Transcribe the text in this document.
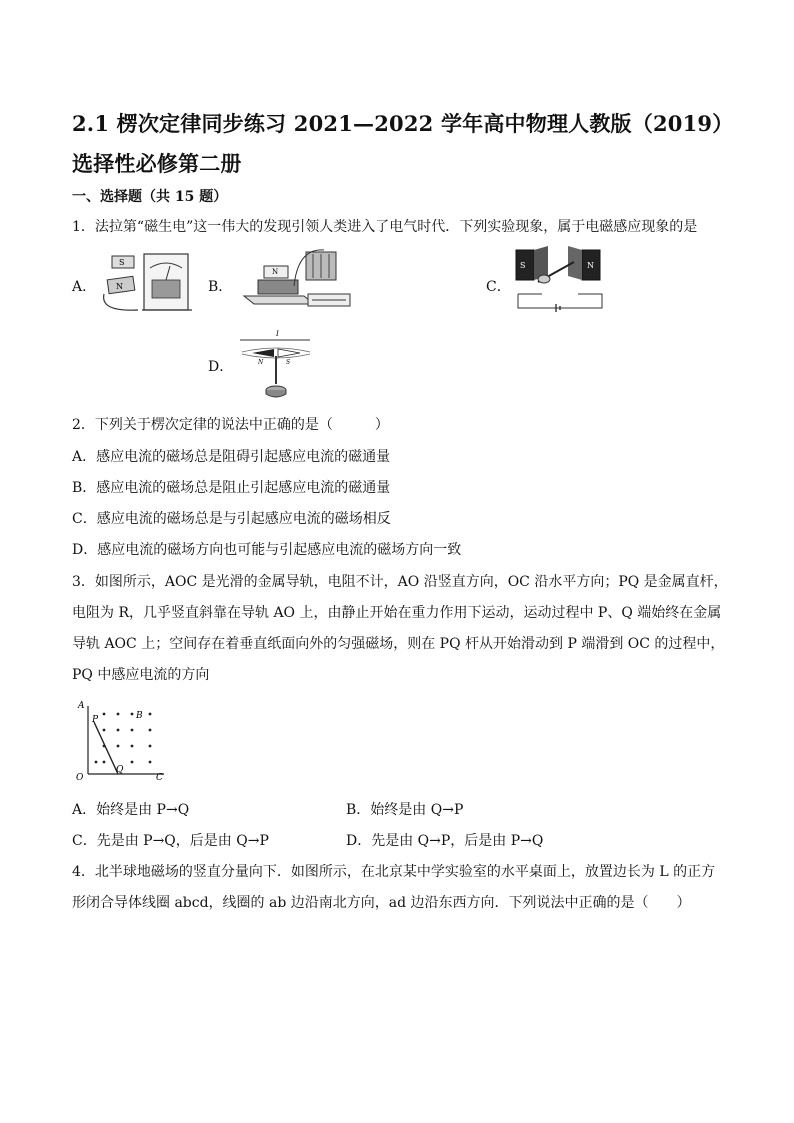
2.1 楞次定律同步练习 2021—2022 学年高中物理人教版（2019）选择性必修第二册
一、选择题（共 15 题）
1．法拉第“磁生电”这一伟大的发现引领人类进入了电气时代．下列实验现象，属于电磁感应现象的是
A．
S
N	B．
N
C．
S	N
D．
I
N	S
2．下列关于楞次定律的说法中正确的是（　　　）
A．感应电流的磁场总是阻碍引起感应电流的磁通量
B．感应电流的磁场总是阻止引起感应电流的磁通量
C．感应电流的磁场总是与引起感应电流的磁场相反
D．感应电流的磁场方向也可能与引起感应电流的磁场方向一致
3．如图所示，AOC 是光滑的金属导轨，电阻不计，AO 沿竖直方向，OC 沿水平方向；PQ 是金属直杆，
电阻为 R，几乎竖直斜靠在导轨 AO 上，由静止开始在重力作用下运动，运动过程中 P、Q 端始终在金属
导轨 AOC 上；空间存在着垂直纸面向外的匀强磁场，则在 PQ 杆从开始滑动到 P 端滑到 OC 的过程中，
PQ 中感应电流的方向
A
P	B
O
Q
C
A．始终是由 P→Q	B．始终是由 Q→P
C．先是由 P→Q，后是由 Q→P	D．先是由 Q→P，后是由 P→Q
4．北半球地磁场的竖直分量向下．如图所示，在北京某中学实验室的水平桌面上，放置边长为 L 的正方
形闭合导体线圈 abcd，线圈的 ab 边沿南北方向，ad 边沿东西方向．下列说法中正确的是（　　）
